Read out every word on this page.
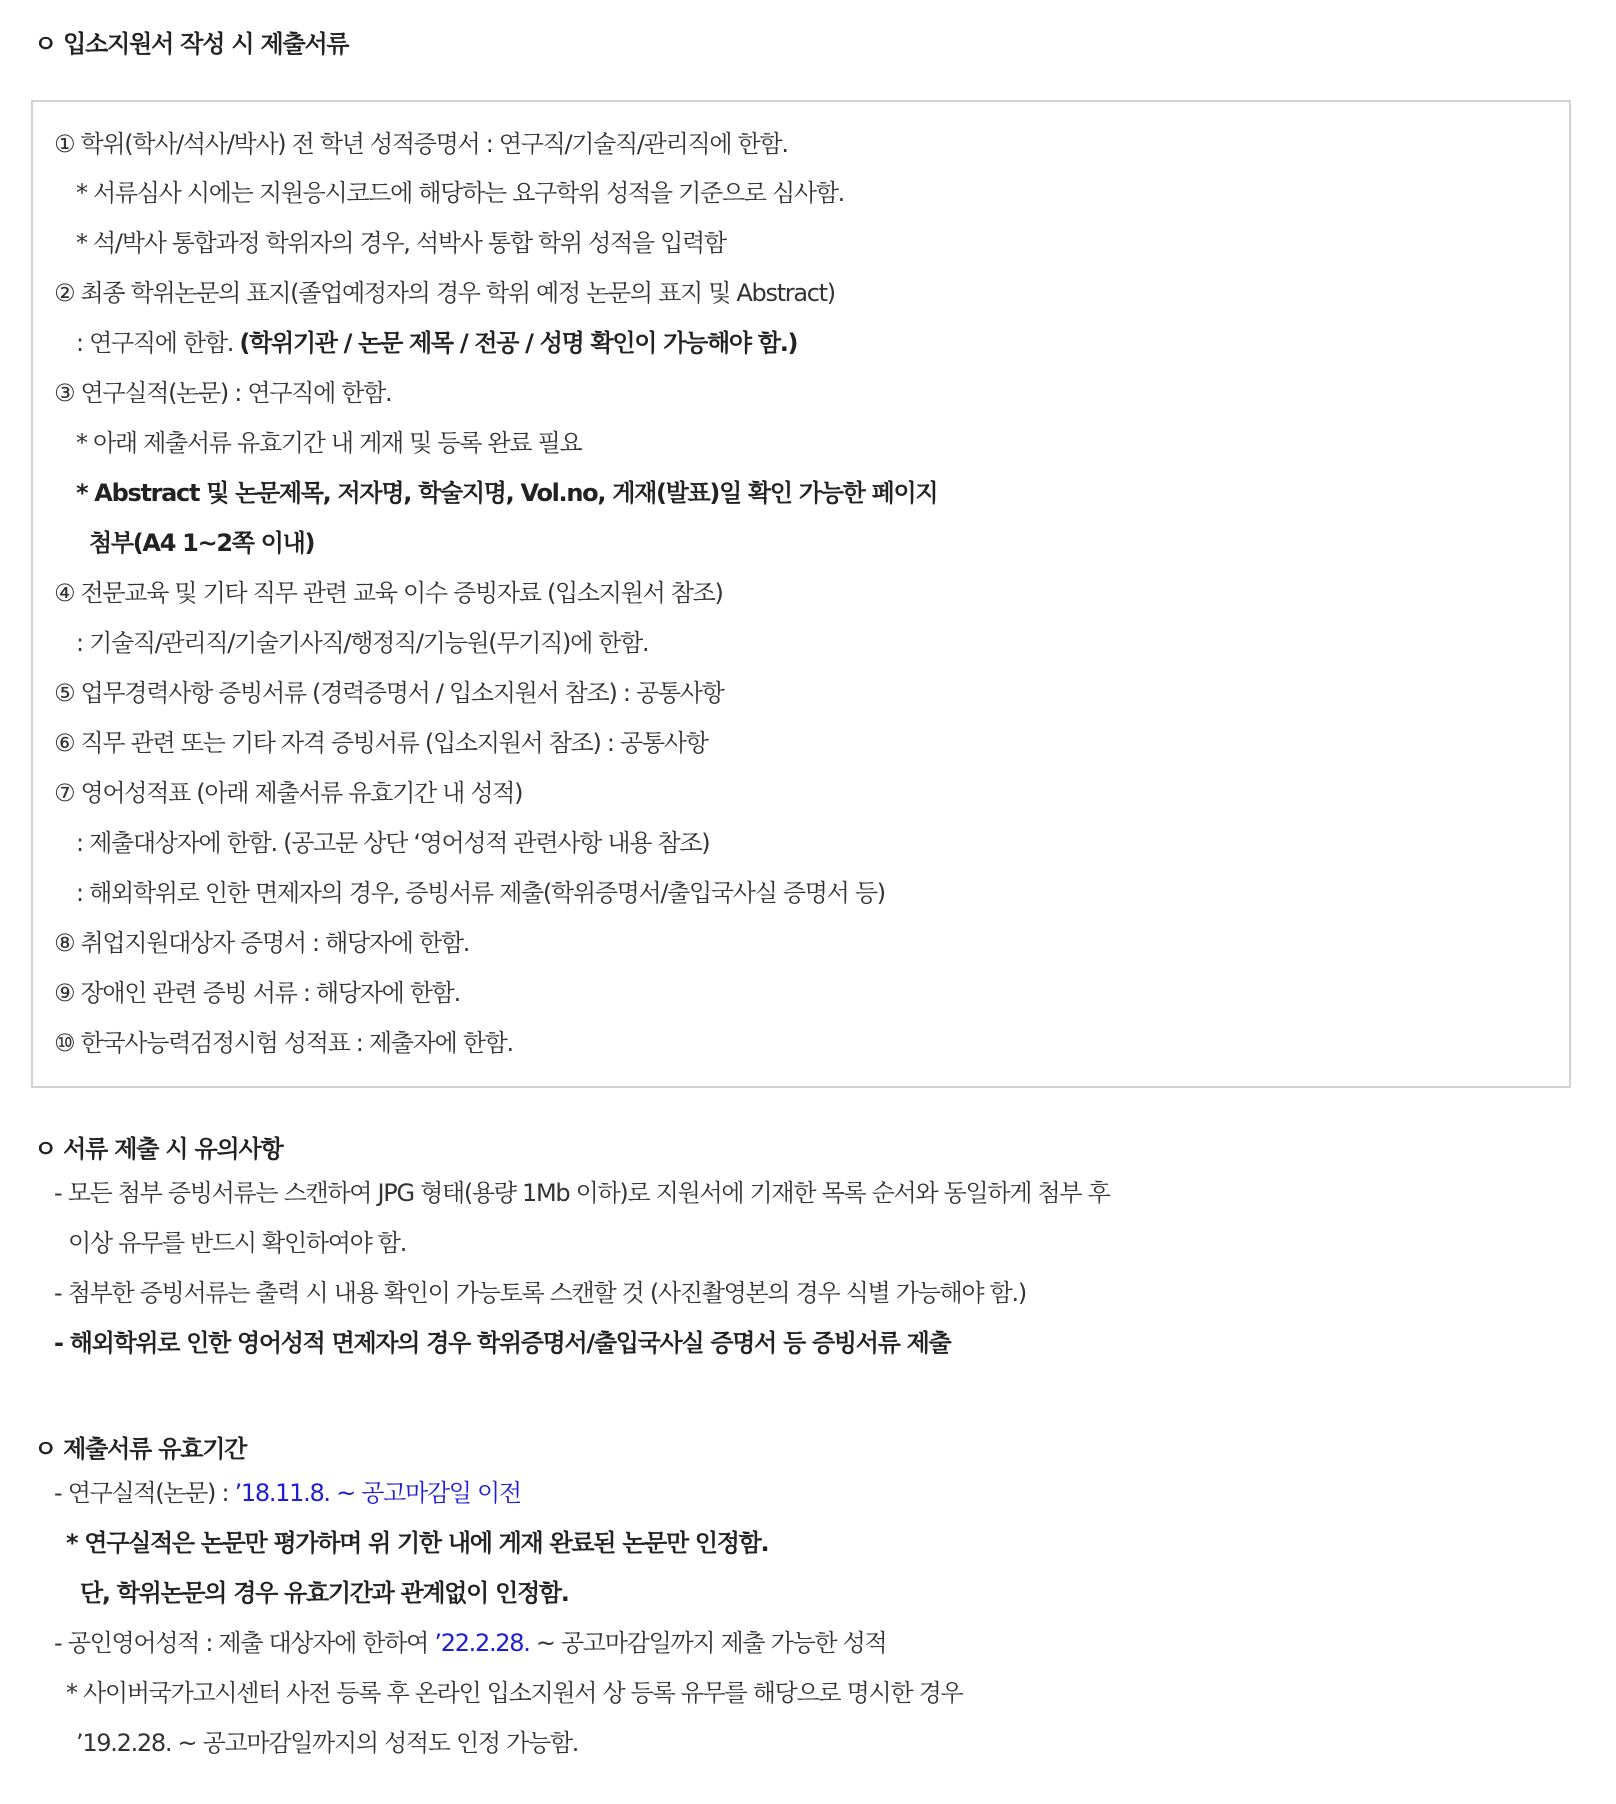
ㅇ 입소지원서 작성 시 제출서류

① 학위(학사/석사/박사) 전 학년 성적증명서 : 연구직/기술직/관리직에 한함.

* 서류심사 시에는 지원응시코드에 해당하는 요구학위 성적을 기준으로 심사함.

* 석/박사 통합과정 학위자의 경우, 석박사 통합 학위 성적을 입력함

② 최종 학위논문의 표지(졸업예정자의 경우 학위 예정 논문의 표지 및 Abstract)

: 연구직에 한함. (학위기관 / 논문 제목 / 전공 / 성명 확인이 가능해야 함.)

③ 연구실적(논문) : 연구직에 한함.

* 아래 제출서류 유효기간 내 게재 및 등록 완료 필요

* Abstract 및 논문제목, 저자명, 학술지명, Vol.no, 게재(발표)일 확인 가능한 페이지

첨부(A4 1~2쪽 이내)

④ 전문교육 및 기타 직무 관련 교육 이수 증빙자료 (입소지원서 참조)

: 기술직/관리직/기술기사직/행정직/기능원(무기직)에 한함.

⑤ 업무경력사항 증빙서류 (경력증명서 / 입소지원서 참조) : 공통사항

⑥ 직무 관련 또는 기타 자격 증빙서류 (입소지원서 참조) : 공통사항

⑦ 영어성적표 (아래 제출서류 유효기간 내 성적)

: 제출대상자에 한함. (공고문 상단 ‘영어성적 관련사항 내용 참조)

: 해외학위로 인한 면제자의 경우, 증빙서류 제출(학위증명서/출입국사실 증명서 등)

⑧ 취업지원대상자 증명서 : 해당자에 한함.

⑨ 장애인 관련 증빙 서류 : 해당자에 한함.

⑩ 한국사능력검정시험 성적표 : 제출자에 한함.

ㅇ 서류 제출 시 유의사항

- 모든 첨부 증빙서류는 스캔하여 JPG 형태(용량 1Mb 이하)로 지원서에 기재한 목록 순서와 동일하게 첨부 후

이상 유무를 반드시 확인하여야 함.

- 첨부한 증빙서류는 출력 시 내용 확인이 가능토록 스캔할 것 (사진촬영본의 경우 식별 가능해야 함.)

- 해외학위로 인한 영어성적 면제자의 경우 학위증명서/출입국사실 증명서 등 증빙서류 제출

ㅇ 제출서류 유효기간

- 연구실적(논문) : ’18.11.8. ~ 공고마감일 이전

* 연구실적은 논문만 평가하며 위 기한 내에 게재 완료된 논문만 인정함.

단, 학위논문의 경우 유효기간과 관계없이 인정함.

- 공인영어성적 : 제출 대상자에 한하여 ’22.2.28. ~ 공고마감일까지 제출 가능한 성적

* 사이버국가고시센터 사전 등록 후 온라인 입소지원서 상 등록 유무를 해당으로 명시한 경우

’19.2.28. ~ 공고마감일까지의 성적도 인정 가능함.
